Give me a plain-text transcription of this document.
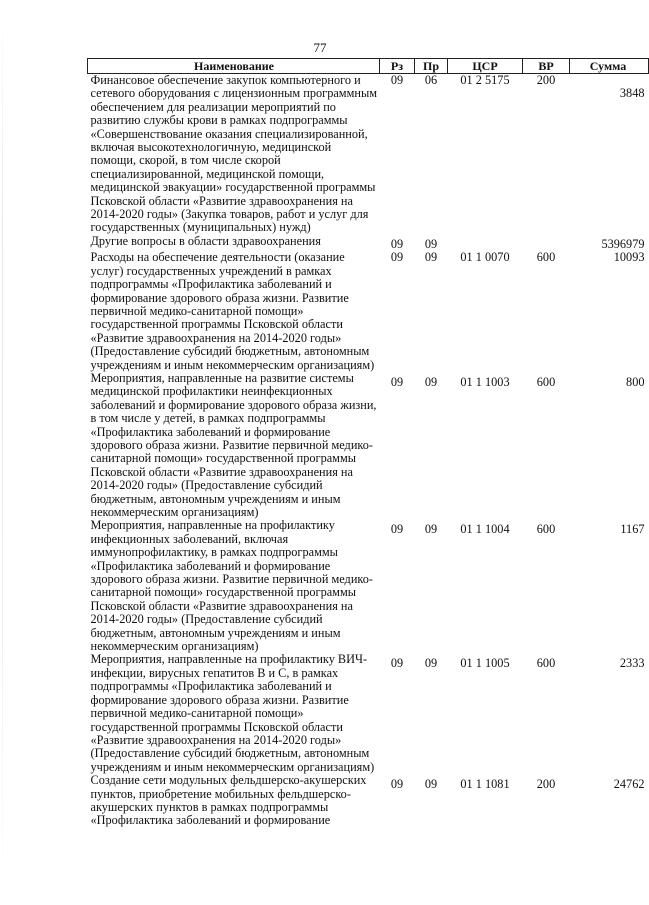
77
Наименование	Рз	Пр	ЦСР	ВР	Сумма
Финансовое обеспечение закупок компьютерного и сетевого оборудования с лицензионным программным обеспечением для реализации мероприятий по развитию службы крови в рамках подпрограммы «Совершенствование оказания специализированной, включая высокотехнологичную, медицинской помощи, скорой, в том числе скорой специализированной, медицинской помощи, медицинской эвакуации» государственной программы Псковской области «Развитие здравоохранения на 2014-2020 годы» (Закупка товаров, работ и услуг для государственных (муниципальных) нужд)	09	06	01 2 5175	200	3848
Другие вопросы в области здравоохранения	09	09			5396979
Расходы на обеспечение деятельности (оказание услуг) государственных учреждений в рамках подпрограммы «Профилактика заболеваний и формирование здорового образа жизни. Развитие первичной медико-санитарной помощи» государственной программы Псковской области «Развитие здравоохранения на 2014-2020 годы» (Предоставление субсидий бюджетным, автономным учреждениям и иным некоммерческим организациям)	09	09	01 1 0070	600	10093
Мероприятия, направленные на развитие системы медицинской профилактики неинфекционных заболеваний и формирование здорового образа жизни, в том числе у детей, в рамках подпрограммы «Профилактика заболеваний и формирование здорового образа жизни. Развитие первичной медико-санитарной помощи» государственной программы Псковской области «Развитие здравоохранения на 2014-2020 годы» (Предоставление субсидий бюджетным, автономным учреждениям и иным некоммерческим организациям)	09	09	01 1 1003	600	800
Мероприятия, направленные на профилактику инфекционных заболеваний, включая иммунопрофилактику, в рамках подпрограммы «Профилактика заболеваний и формирование здорового образа жизни. Развитие первичной медико-санитарной помощи» государственной программы Псковской области «Развитие здравоохранения на 2014-2020 годы» (Предоставление субсидий бюджетным, автономным учреждениям и иным некоммерческим организациям)	09	09	01 1 1004	600	1167
Мероприятия, направленные на профилактику ВИЧ-инфекции, вирусных гепатитов В и С, в рамках подпрограммы «Профилактика заболеваний и формирование здорового образа жизни. Развитие первичной медико-санитарной помощи» государственной программы Псковской области «Развитие здравоохранения на 2014-2020 годы» (Предоставление субсидий бюджетным, автономным учреждениям и иным некоммерческим организациям)	09	09	01 1 1005	600	2333
Создание сети модульных фельдшерско-акушерских пунктов, приобретение мобильных фельдшерско-акушерских пунктов в рамках подпрограммы «Профилактика заболеваний и формирование	09	09	01 1 1081	200	24762
